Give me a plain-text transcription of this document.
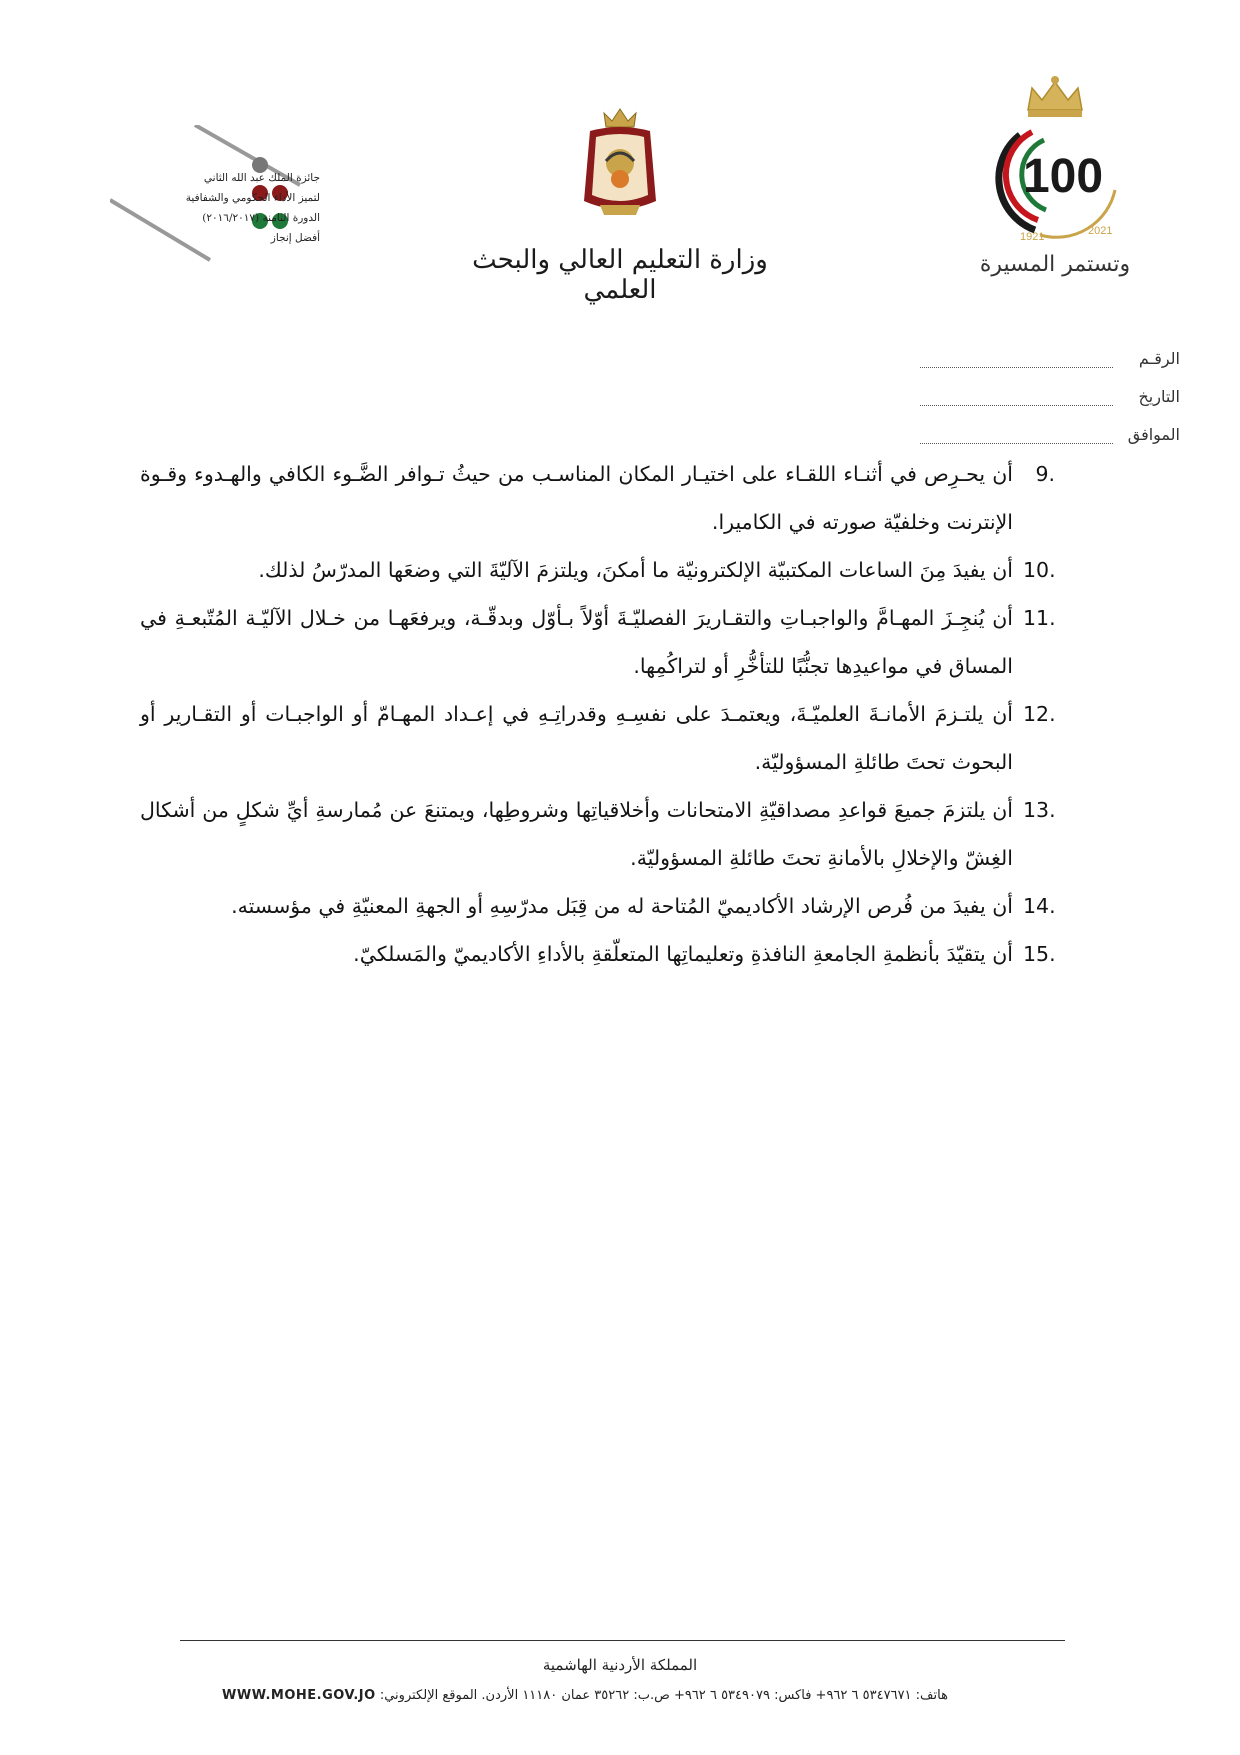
100
1921	2021
وتستمر المسيرة
وزارة التعليم العالي والبحث العلمي
جائزة الملك عبد الله الثاني
لتميز الأداء الحكومي والشفافية
الدورة الثامنة (٢٠١٦/٢٠١٧)
أفضل إنجاز
الرقـم
التاريخ
الموافق
9.
أن يحـرِص في أثنـاء اللقـاء على اختيـار المكان المناسـب من حيثُ تـوافر الضَّـوء الكافي والهـدوء وقـوة الإنترنت وخلفيّة صورته في الكاميرا.
10.
أن يفيدَ مِنَ الساعات المكتبيّة الإلكترونيّة ما أمكنَ، ويلتزمَ الآليّةَ التي وضعَها المدرّسُ لذلك.
11.
أن يُنجِـزَ المهـامَّ والواجبـاتِ والتقـاريرَ الفصليّـةَ أوّلاً بـأوّل وبدقّـة، ويرفعَهـا من خـلال الآليّـة المُتّبعـةِ في المساق في مواعيدِها تجنُّبًا للتأخُّرِ أو لتراكُمِها.
12.
أن يلتـزمَ الأمانـةَ العلميّـةَ، ويعتمـدَ على نفسِـهِ وقدراتِـهِ في إعـداد المهـامّ أو الواجبـات أو التقـارير أو البحوث تحتَ طائلةِ المسؤوليّة.
13.
أن يلتزمَ جميعَ قواعدِ مصداقيّةِ الامتحانات وأخلاقياتِها وشروطِها، ويمتنعَ عن مُمارسةِ أيِّ شكلٍ من أشكال الغِشّ والإخلالِ بالأمانةِ تحتَ طائلةِ المسؤوليّة.
14.
أن يفيدَ من فُرص الإرشاد الأكاديميّ المُتاحة له من قِبَل مدرّسِهِ أو الجهةِ المعنيّةِ في مؤسسته.
15.
أن يتقيّدَ بأنظمةِ الجامعةِ النافذةِ وتعليماتِها المتعلّقةِ بالأداءِ الأكاديميّ والمَسلكيّ.
المملكة الأردنية الهاشمية
هاتف: ٥٣٤٧٦٧١ ٦ ٩٦٢+ فاكس: ٥٣٤٩٠٧٩ ٦ ٩٦٢+ ص.ب: ٣٥٢٦٢ عمان ١١١٨٠ الأردن. الموقع الإلكتروني: WWW.MOHE.GOV.JO
